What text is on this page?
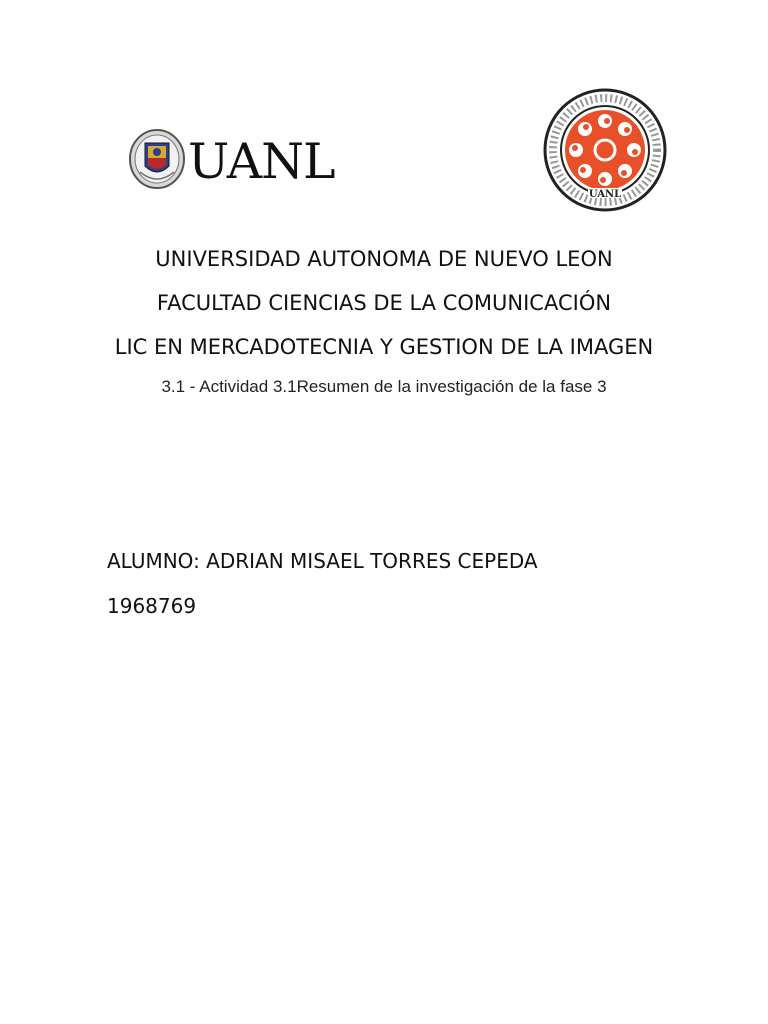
UANL
UANL

UNIVERSIDAD AUTONOMA DE NUEVO LEON

FACULTAD CIENCIAS DE LA COMUNICACIÓN

LIC EN MERCADOTECNIA Y GESTION DE LA IMAGEN

3.1 - Actividad 3.1Resumen de la investigación de la fase 3

ALUMNO: ADRIAN MISAEL TORRES CEPEDA
1968769
